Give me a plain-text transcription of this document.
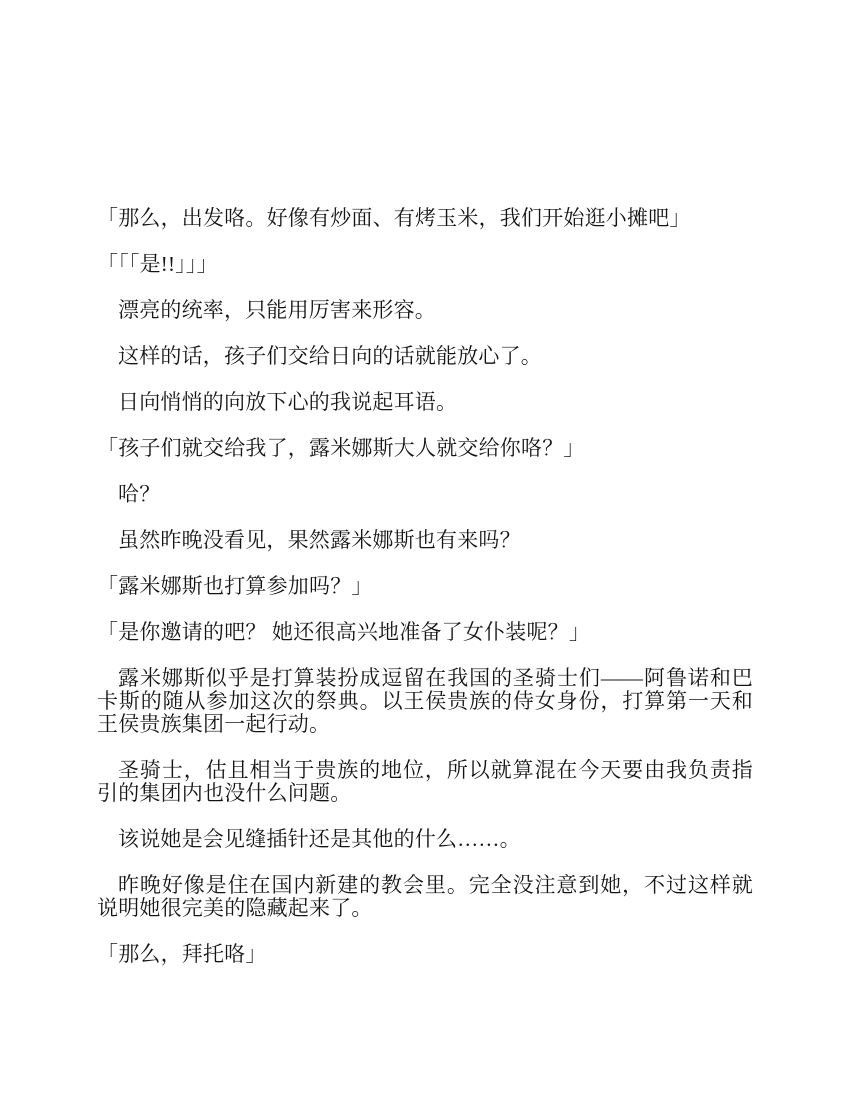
「那么，出发咯。好像有炒面、有烤玉米，我们开始逛小摊吧」

「「「是!!」」」

漂亮的统率，只能用厉害来形容。

这样的话，孩子们交给日向的话就能放心了。

日向悄悄的向放下心的我说起耳语。

「孩子们就交给我了，露米娜斯大人就交给你咯？」

哈？

虽然昨晚没看见，果然露米娜斯也有来吗？

「露米娜斯也打算参加吗？」

「是你邀请的吧？ 她还很高兴地准备了女仆装呢？」

露米娜斯似乎是打算装扮成逗留在我国的圣骑士们——阿鲁诺和巴卡斯的随从参加这次的祭典。以王侯贵族的侍女身份，打算第一天和王侯贵族集团一起行动。

圣骑士，估且相当于贵族的地位，所以就算混在今天要由我负责指引的集团内也没什么问题。

该说她是会见缝插针还是其他的什么……。

昨晚好像是住在国内新建的教会里。完全没注意到她，不过这样就说明她很完美的隐藏起来了。

「那么，拜托咯」
